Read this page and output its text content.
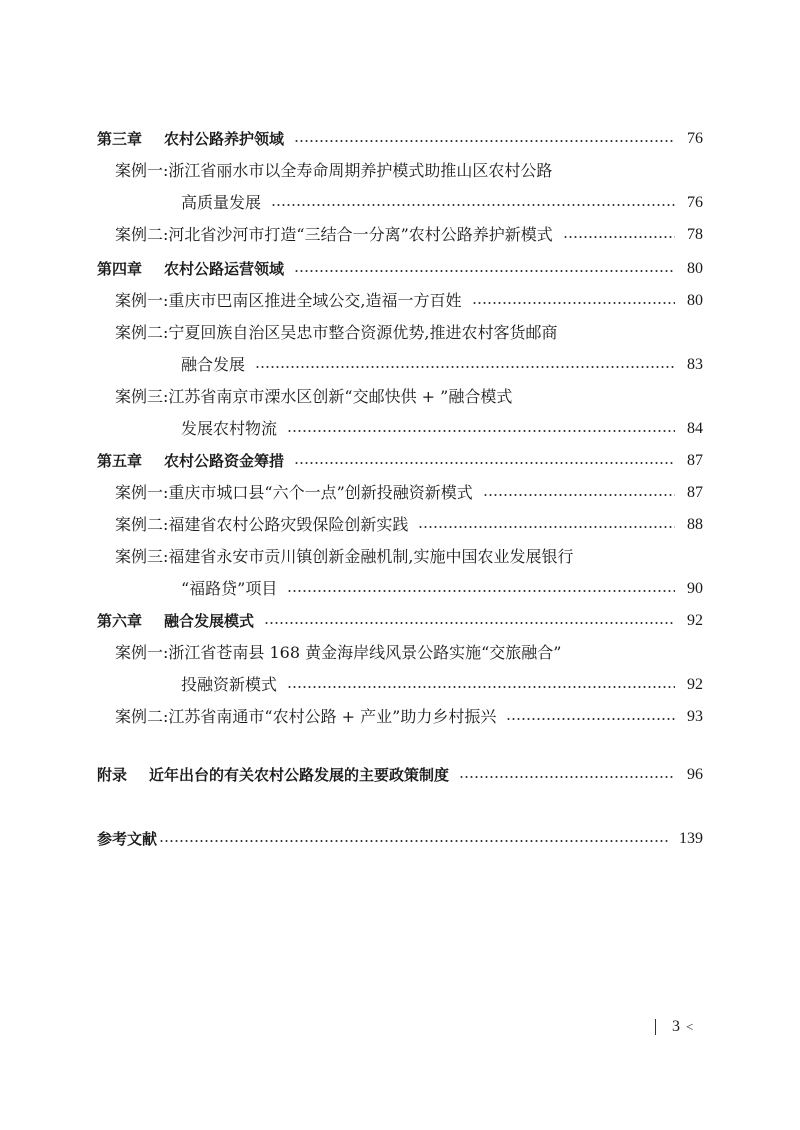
第三章 农村公路养护领域	76
案例一:浙江省丽水市以全寿命周期养护模式助推山区农村公路
高质量发展	76
案例二:河北省沙河市打造“三结合一分离”农村公路养护新模式	78
第四章 农村公路运营领域	80
案例一:重庆市巴南区推进全域公交,造福一方百姓	80
案例二:宁夏回族自治区吴忠市整合资源优势,推进农村客货邮商
融合发展	83
案例三:江苏省南京市溧水区创新“交邮快供 + ”融合模式
发展农村物流	84
第五章 农村公路资金筹措	87
案例一:重庆市城口县“六个一点”创新投融资新模式	87
案例二:福建省农村公路灾毁保险创新实践	88
案例三:福建省永安市贡川镇创新金融机制,实施中国农业发展银行
“福路贷”项目	90
第六章 融合发展模式	92
案例一:浙江省苍南县 168 黄金海岸线风景公路实施“交旅融合”
投融资新模式	92
案例二:江苏省南通市“农村公路 + 产业”助力乡村振兴	93
附录 近年出台的有关农村公路发展的主要政策制度	96
参考文献	139
3 <
